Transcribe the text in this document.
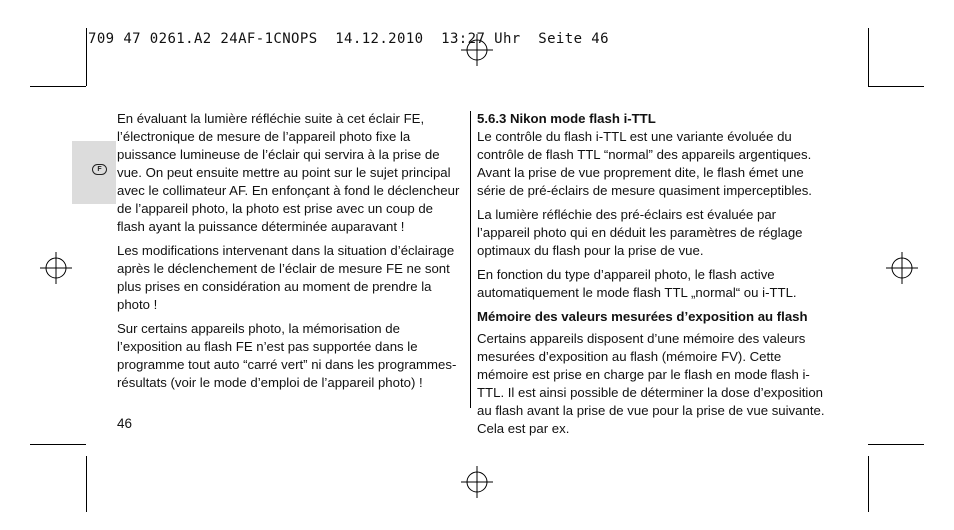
709 47 0261.A2 24AF-1CNOPS  14.12.2010  13:27 Uhr  Seite 46
F

En évaluant la lumière réfléchie suite à cet éclair FE, l’électronique de mesure de l’appareil photo fixe la puissance lumineuse de l’éclair qui servira à la prise de vue. On peut ensuite mettre au point sur le sujet principal avec le collimateur AF. En enfonçant à fond le déclencheur de l’appareil photo, la photo est prise avec un coup de flash ayant la puissance déterminée auparavant !

Les modifications intervenant dans la situation d’éclairage après le déclenchement de l’éclair de mesure FE ne sont plus prises en considération au moment de prendre la photo !

Sur certains appareils photo, la mémorisation de l’exposition au flash FE n’est pas supportée dans le programme tout auto “carré vert” ni dans les programmes-résultats (voir le mode d’emploi de l’appareil photo) !

5.6.3 Nikon mode flash i-TTL

Le contrôle du flash i-TTL est une variante évoluée du contrôle de flash TTL “normal” des appareils argentiques. Avant la prise de vue proprement dite, le flash émet une série de pré-éclairs de mesure quasiment imperceptibles.

La lumière réfléchie des pré-éclairs est évaluée par l’appareil photo qui en déduit les paramètres de réglage optimaux du flash pour la prise de vue.

En fonction du type d’appareil photo, le flash active automatiquement le mode flash TTL „normal“ ou i-TTL.

Mémoire des valeurs mesurées d’exposition au flash

Certains appareils disposent d’une mémoire des valeurs mesurées d’exposition au flash (mémoire FV). Cette mémoire est prise en charge par le flash en mode flash i-TTL. Il est ainsi possible de déterminer la dose d’exposition au flash avant la prise de vue pour la prise de vue suivante. Cela est par ex.

46
